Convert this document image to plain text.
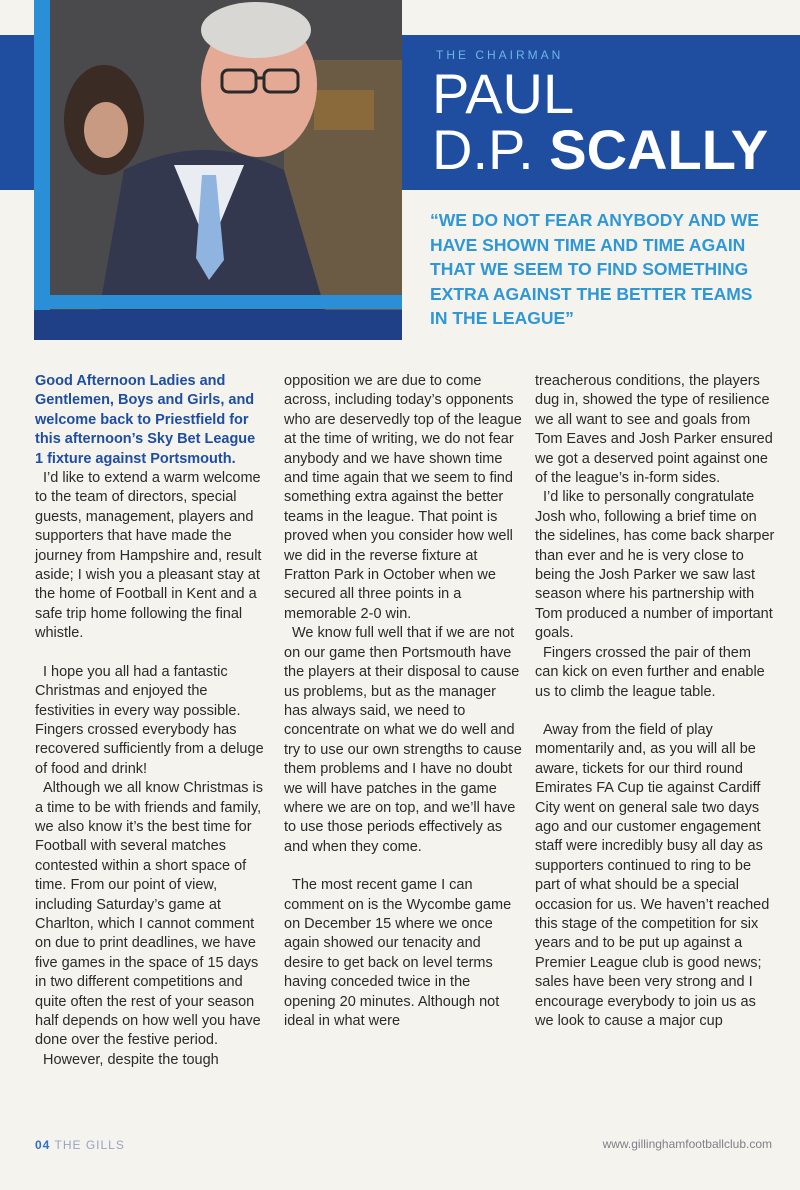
THE CHAIRMAN
PAUL
D.P. SCALLY
“WE DO NOT FEAR ANYBODY AND WE HAVE SHOWN TIME AND TIME AGAIN THAT WE SEEM TO FIND SOMETHING EXTRA AGAINST THE BETTER TEAMS IN THE LEAGUE”

Good Afternoon Ladies and Gentlemen, Boys and Girls, and welcome back to Priestfield for this afternoon’s Sky Bet League 1 fixture against Portsmouth.

I’d like to extend a warm welcome to the team of directors, special guests, management, players and supporters that have made the journey from Hampshire and, result aside; I wish you a pleasant stay at the home of Football in Kent and a safe trip home following the final whistle.

I hope you all had a fantastic Christmas and enjoyed the festivities in every way possible. Fingers crossed everybody has recovered sufficiently from a deluge of food and drink!

Although we all know Christmas is a time to be with friends and family, we also know it’s the best time for Football with several matches contested within a short space of time. From our point of view, including Saturday’s game at Charlton, which I cannot comment on due to print deadlines, we have five games in the space of 15 days in two different competitions and quite often the rest of your season half depends on how well you have done over the festive period.

However, despite the tough

opposition we are due to come across, including today’s opponents who are deservedly top of the league at the time of writing, we do not fear anybody and we have shown time and time again that we seem to find something extra against the better teams in the league. That point is proved when you consider how well we did in the reverse fixture at Fratton Park in October when we secured all three points in a memorable 2-0 win.

We know full well that if we are not on our game then Portsmouth have the players at their disposal to cause us problems, but as the manager has always said, we need to concentrate on what we do well and try to use our own strengths to cause them problems and I have no doubt we will have patches in the game where we are on top, and we’ll have to use those periods effectively as and when they come.

The most recent game I can comment on is the Wycombe game on December 15 where we once again showed our tenacity and desire to get back on level terms having conceded twice in the opening 20 minutes. Although not ideal in what were

treacherous conditions, the players dug in, showed the type of resilience we all want to see and goals from Tom Eaves and Josh Parker ensured we got a deserved point against one of the league’s in-form sides.

I’d like to personally congratulate Josh who, following a brief time on the sidelines, has come back sharper than ever and he is very close to being the Josh Parker we saw last season where his partnership with Tom produced a number of important goals.

Fingers crossed the pair of them can kick on even further and enable us to climb the league table.

Away from the field of play momentarily and, as you will all be aware, tickets for our third round Emirates FA Cup tie against Cardiff City went on general sale two days ago and our customer engagement staff were incredibly busy all day as supporters continued to ring to be part of what should be a special occasion for us. We haven’t reached this stage of the competition for six years and to be put up against a Premier League club is good news; sales have been very strong and I encourage everybody to join us as we look to cause a major cup

04 THE GILLS	www.gillinghamfootballclub.com
